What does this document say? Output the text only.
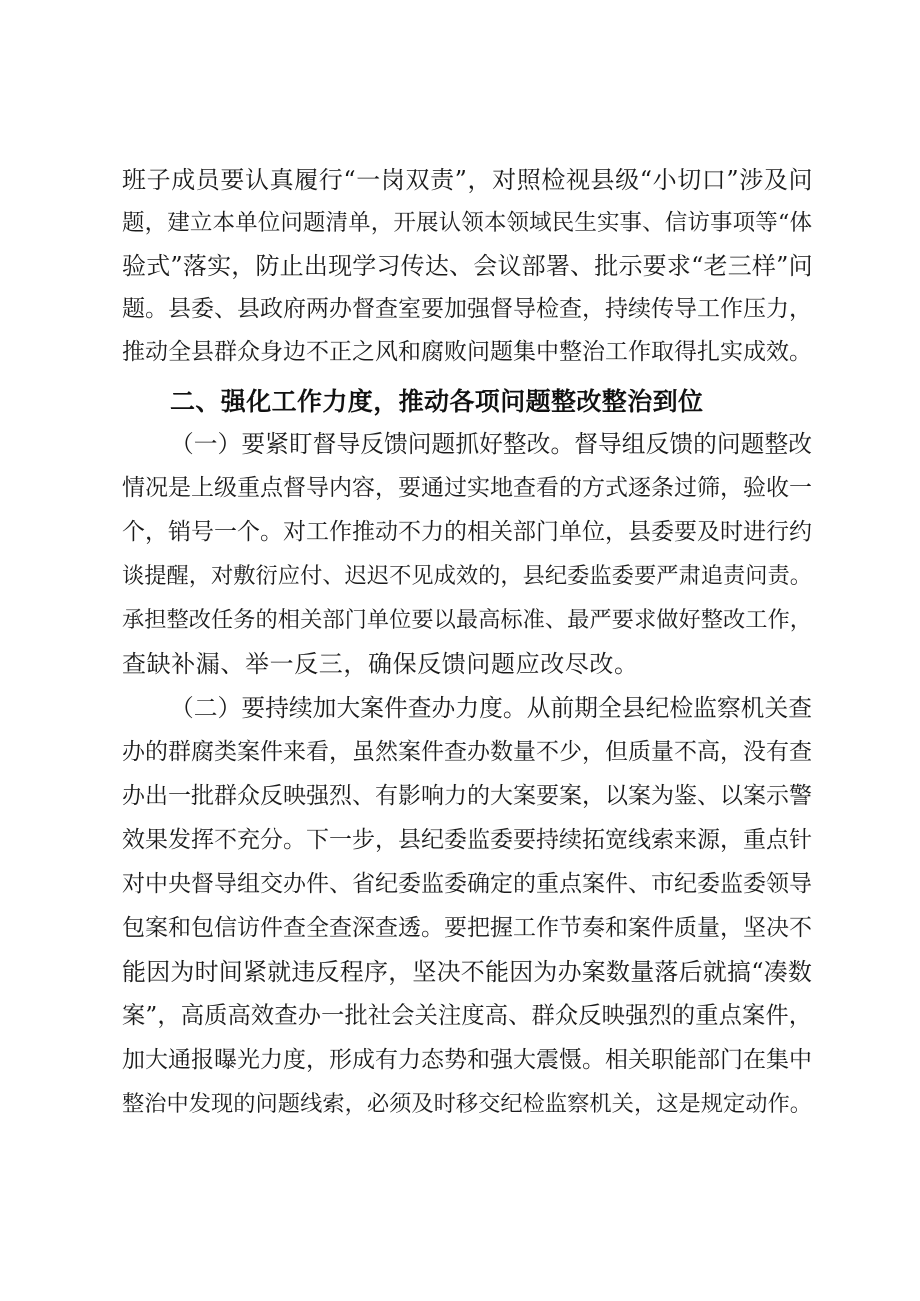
班子成员要认真履行“一岗双责”，对照检视县级“小切口”涉及问
题，建立本单位问题清单，开展认领本领域民生实事、信访事项等“体
验式”落实，防止出现学习传达、会议部署、批示要求“老三样”问
题。县委、县政府两办督查室要加强督导检查，持续传导工作压力，
推动全县群众身边不正之风和腐败问题集中整治工作取得扎实成效。
二、强化工作力度，推动各项问题整改整治到位
（一）要紧盯督导反馈问题抓好整改。督导组反馈的问题整改
情况是上级重点督导内容，要通过实地查看的方式逐条过筛，验收一
个，销号一个。对工作推动不力的相关部门单位，县委要及时进行约
谈提醒，对敷衍应付、迟迟不见成效的，县纪委监委要严肃追责问责。
承担整改任务的相关部门单位要以最高标准、最严要求做好整改工作，
查缺补漏、举一反三，确保反馈问题应改尽改。
（二）要持续加大案件查办力度。从前期全县纪检监察机关查
办的群腐类案件来看，虽然案件查办数量不少，但质量不高，没有查
办出一批群众反映强烈、有影响力的大案要案，以案为鉴、以案示警
效果发挥不充分。下一步，县纪委监委要持续拓宽线索来源，重点针
对中央督导组交办件、省纪委监委确定的重点案件、市纪委监委领导
包案和包信访件查全查深查透。要把握工作节奏和案件质量，坚决不
能因为时间紧就违反程序，坚决不能因为办案数量落后就搞“凑数
案”，高质高效查办一批社会关注度高、群众反映强烈的重点案件，
加大通报曝光力度，形成有力态势和强大震慑。相关职能部门在集中
整治中发现的问题线索，必须及时移交纪检监察机关，这是规定动作。
